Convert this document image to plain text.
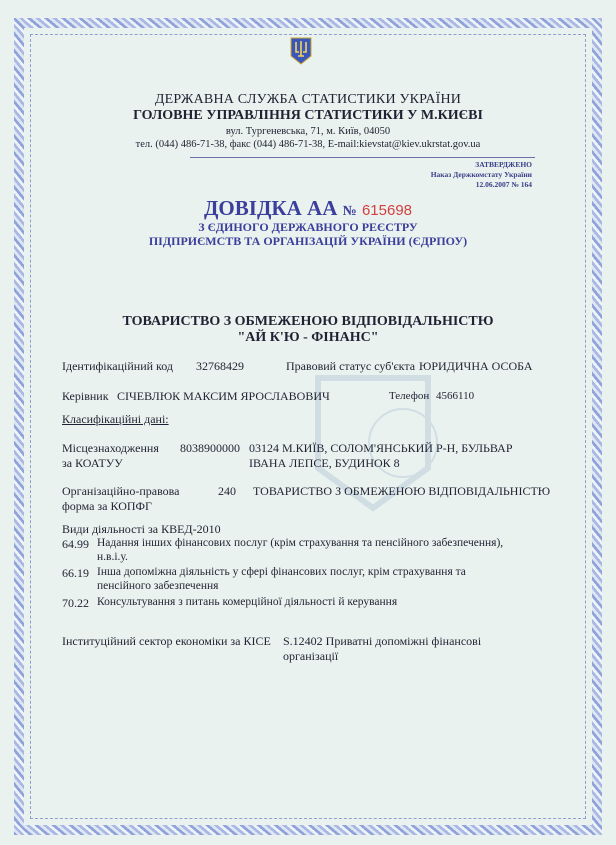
ДЕРЖАВНА СЛУЖБА СТАТИСТИКИ УКРАЇНИ
ГОЛОВНЕ УПРАВЛІННЯ СТАТИСТИКИ У М.КИЄВІ
вул. Тургеневська, 71, м. Київ, 04050
тел. (044) 486-71-38, факс (044) 486-71-38, E-mail:kievstat@kiev.ukrstat.gov.ua
ЗАТВЕРДЖЕНО
Наказ Держкомстату України
12.06.2007 № 164
ДОВІДКА АА № 615698
З ЄДИНОГО ДЕРЖАВНОГО РЕЄСТРУ
ПІДПРИЄМСТВ ТА ОРГАНІЗАЦІЙ УКРАЇНИ (ЄДРПОУ)
ТОВАРИСТВО З ОБМЕЖЕНОЮ ВІДПОВІДАЛЬНІСТЮ
"АЙ К'Ю - ФІНАНС"
Ідентифікаційний код 32768429	Правовий статус суб'єкта ЮРИДИЧНА ОСОБА
Керівник СІЧЕВЛЮК МАКСИМ ЯРОСЛАВОВИЧ	Телефон 4566110
Класифікаційні дані:
Місцезнаходження
за КОАТУУ
8038900000 03124 М.КИЇВ, СОЛОМ'ЯНСЬКИЙ Р-Н, БУЛЬВАР
ІВАНА ЛЕПСЕ, БУДИНОК 8
Організаційно-правова
форма за КОПФГ
240 ТОВАРИСТВО З ОБМЕЖЕНОЮ ВІДПОВІДАЛЬНІСТЮ
Види діяльності за КВЕД-2010
64.99 Надання інших фінансових послуг (крім страхування та пенсійного забезпечення),
н.в.і.у.
66.19 Інша допоміжна діяльність у сфері фінансових послуг, крім страхування та
пенсійного забезпечення
70.22 Консультування з питань комерційної діяльності й керування
Інституційний сектор економіки за КІСЕ S.12402 Приватні допоміжні фінансові
організації
